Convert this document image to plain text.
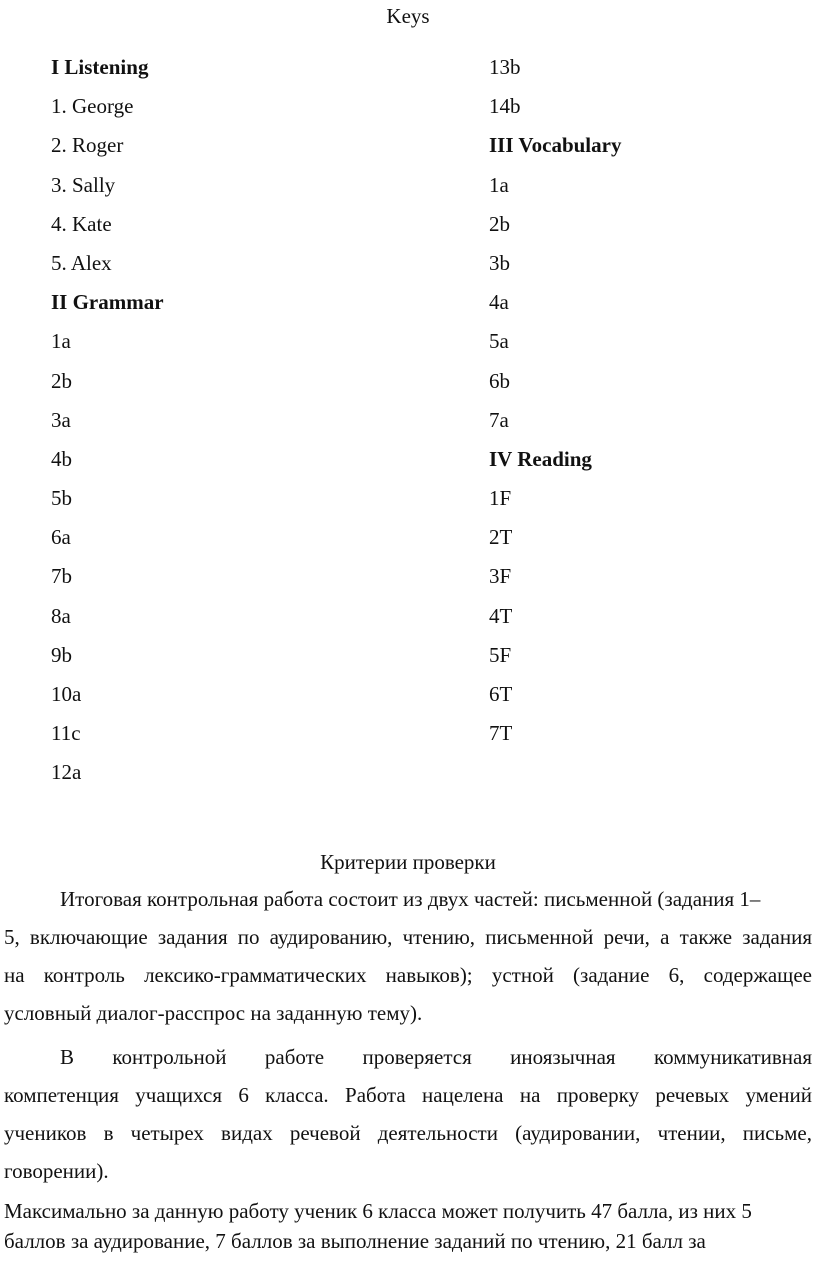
Keys
I Listening
1. George
2. Roger
3. Sally
4. Kate
5. Alex
II Grammar
1a
2b
3a
4b
5b
6a
7b
8a
9b
10a
11c
12a
13b
14b
III Vocabulary
1a
2b
3b
4a
5a
6b
7a
IV Reading
1F
2T
3F
4T
5F
6T
7T
Критерии проверки
Итоговая контрольная работа состоит из двух частей: письменной (задания 1–
5, включающие задания по аудированию, чтению, письменной речи, а также задания
на контроль лексико-грамматических навыков); устной (задание 6, содержащее
условный диалог-расспрос на заданную тему).
В контрольной работе проверяется иноязычная коммуникативная
компетенция учащихся 6 класса. Работа нацелена на проверку речевых умений
учеников в четырех видах речевой деятельности (аудировании, чтении, письме,
говорении).
Максимально за данную работу ученик 6 класса может получить 47 балла, из них 5
баллов за аудирование, 7 баллов за выполнение заданий по чтению, 21 балл за
